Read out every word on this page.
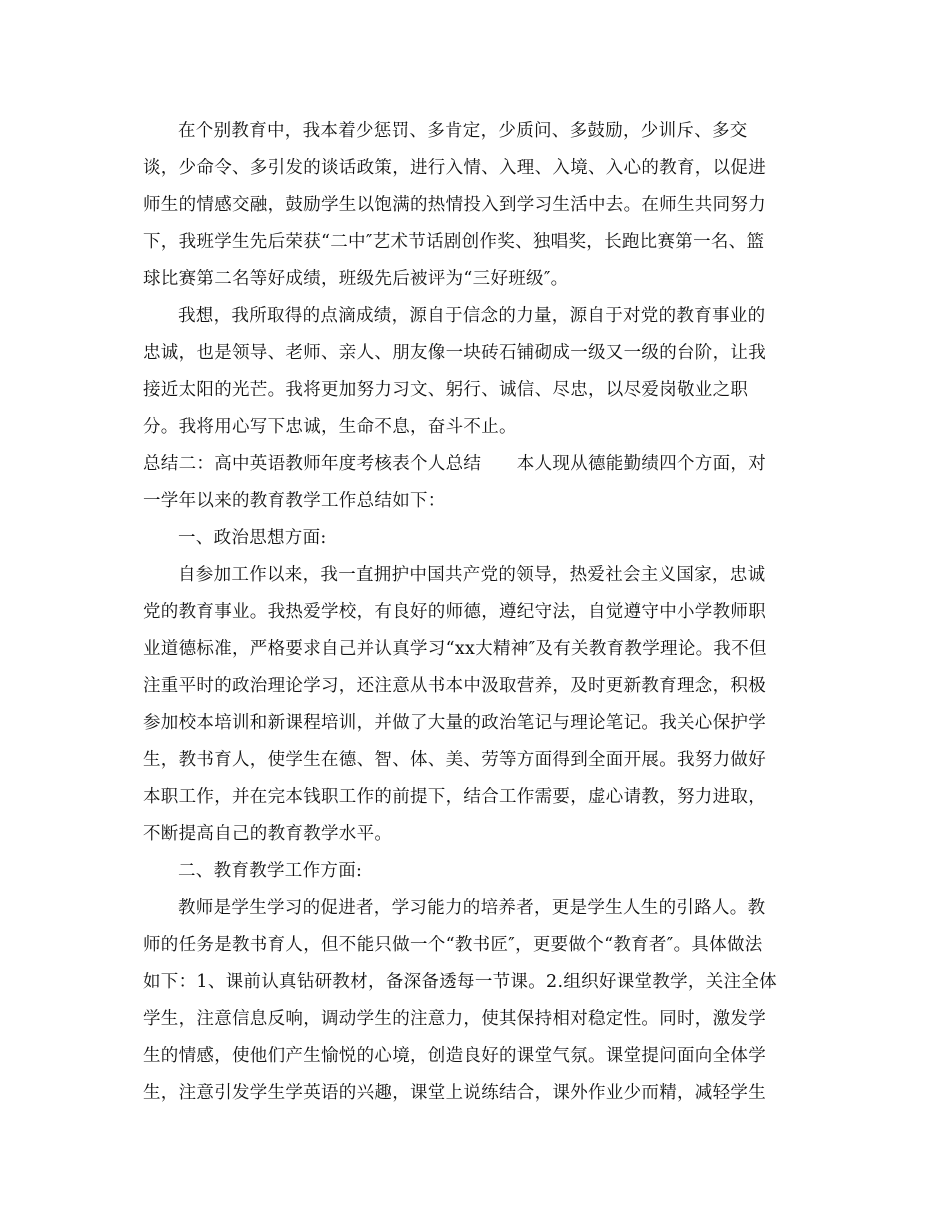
在个别教育中，我本着少惩罚、多肯定，少质问、多鼓励，少训斥、多交
谈，少命令、多引发的谈话政策，进行入情、入理、入境、入心的教育，以促进
师生的情感交融，鼓励学生以饱满的热情投入到学习生活中去。在师生共同努力
下，我班学生先后荣获“二中″艺术节话剧创作奖、独唱奖，长跑比赛第一名、篮
球比赛第二名等好成绩，班级先后被评为“三好班级″。
我想，我所取得的点滴成绩，源自于信念的力量，源自于对党的教育事业的
忠诚，也是领导、老师、亲人、朋友像一块砖石铺砌成一级又一级的台阶，让我
接近太阳的光芒。我将更加努力习文、躬行、诚信、尽忠，以尽爱岗敬业之职
分。我将用心写下忠诚，生命不息，奋斗不止。
总结二：高中英语教师年度考核表个人总结　　本人现从德能勤绩四个方面，对
一学年以来的教育教学工作总结如下：
一、政治思想方面:
自参加工作以来，我一直拥护中国共产党的领导，热爱社会主义国家，忠诚
党的教育事业。我热爱学校，有良好的师德，遵纪守法，自觉遵守中小学教师职
业道德标准，严格要求自己并认真学习“xx大精神″及有关教育教学理论。我不但
注重平时的政治理论学习，还注意从书本中汲取营养，及时更新教育理念，积极
参加校本培训和新课程培训，并做了大量的政治笔记与理论笔记。我关心保护学
生，教书育人，使学生在德、智、体、美、劳等方面得到全面开展。我努力做好
本职工作，并在完本钱职工作的前提下，结合工作需要，虚心请教，努力进取，
不断提高自己的教育教学水平。
二、教育教学工作方面:
教师是学生学习的促进者，学习能力的培养者，更是学生人生的引路人。教
师的任务是教书育人，但不能只做一个“教书匠″，更要做个“教育者″。具体做法
如下：1、课前认真钻研教材，备深备透每一节课。2.组织好课堂教学，关注全体
学生，注意信息反响，调动学生的注意力，使其保持相对稳定性。同时，激发学
生的情感，使他们产生愉悦的心境，创造良好的课堂气氛。课堂提问面向全体学
生，注意引发学生学英语的兴趣，课堂上说练结合，课外作业少而精，减轻学生
